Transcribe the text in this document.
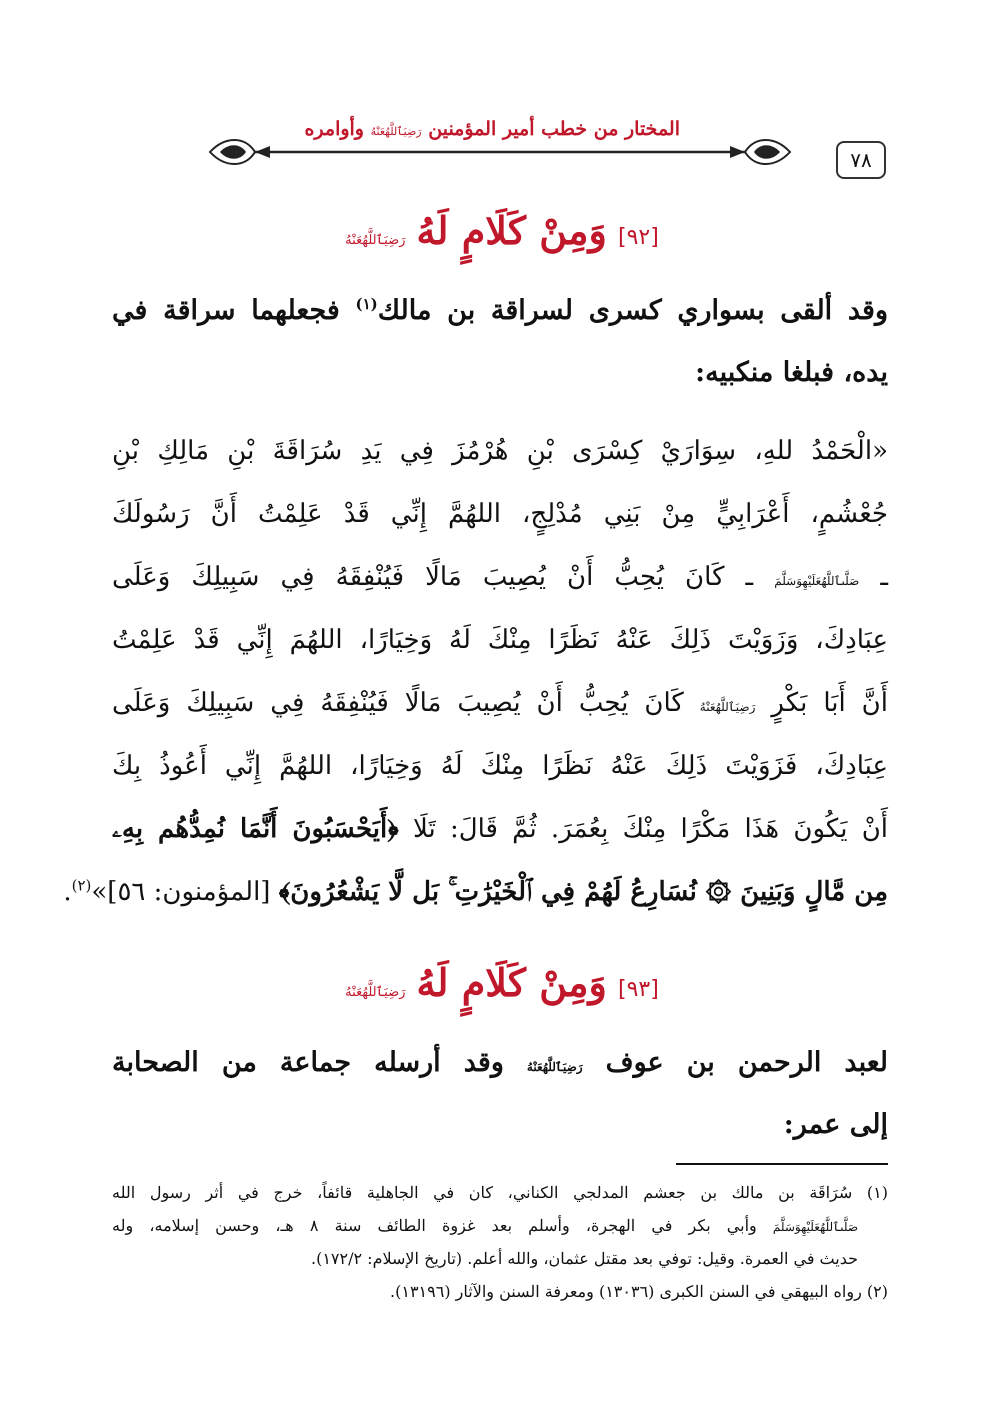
المختار من خطب أمير المؤمنين رَضِيَٱللَّهُعَنْهُ وأوامره
٧٨
[٩٢] وَمِنْ كَلَامٍ لَهُ رَضِيَٱللَّهُعَنْهُ
وقد ألقى بسواري كسرى لسراقة بن مالك$^{(١)}$ فجعلهما سراقة في
يده، فبلغا منكبيه:
«الْحَمْدُ للهِ، سِوَارَيْ كِسْرَى بْنِ هُرْمُزَ فِي يَدِ سُرَاقَةَ بْنِ مَالِكِ بْنِ
جُعْشُمٍ، أَعْرَابِيٍّ مِنْ بَنِي مُدْلِجٍ، اللهُمَّ إِنِّي قَدْ عَلِمْتُ أَنَّ رَسُولَكَ
ـ صَلَّىٱللَّهُعَلَيْهِوَسَلَّمَ ـ كَانَ يُحِبُّ أَنْ يُصِيبَ مَالًا فَيُنْفِقَهُ فِي سَبِيلِكَ وَعَلَى
عِبَادِكَ، وَزَوَيْتَ ذَلِكَ عَنْهُ نَظَرًا مِنْكَ لَهُ وَخِيَارًا، اللهُمَ إِنِّي قَدْ عَلِمْتُ
أَنَّ أَبَا بَكْرٍ رَضِيَٱللَّهُعَنْهُ كَانَ يُحِبُّ أَنْ يُصِيبَ مَالًا فَيُنْفِقَهُ فِي سَبِيلِكَ وَعَلَى
عِبَادِكَ، فَزَوَيْتَ ذَلِكَ عَنْهُ نَظَرًا مِنْكَ لَهُ وَخِيَارًا، اللهُمَّ إِنِّي أَعُوذُ بِكَ
أَنْ يَكُونَ هَذَا مَكْرًا مِنْكَ بِعُمَرَ. ثُمَّ قَالَ: تَلَا ﴿أَيَحْسَبُونَ أَنَّمَا نُمِدُّهُم بِهِۦ
مِن مَّالٍ وَبَنِينَ ۞ نُسَارِعُ لَهُمْ فِي ٱلْخَيْرَٰتِ ۚ بَل لَّا يَشْعُرُونَ﴾ [المؤمنون: ٥٦]»$^{(٢)}$.
[٩٣] وَمِنْ كَلَامٍ لَهُ رَضِيَٱللَّهُعَنْهُ
لعبد الرحمن بن عوف رَضِيَٱللَّهُعَنْهُ وقد أرسله جماعة من الصحابة
إلى عمر:
(١) سُرَاقَة بن مالك بن جعشم المدلجي الكناني، كان في الجاهلية قائفاً، خرج في أثر رسول الله
صَلَّىٱللَّهُعَلَيْهِوَسَلَّمَ وأبي بكر في الهجرة، وأسلم بعد غزوة الطائف سنة ٨ هـ، وحسن إسلامه، وله
حديث في العمرة. وقيل: توفي بعد مقتل عثمان، والله أعلم. (تاريخ الإسلام: ١٧٢/٢).
(٢) رواه البيهقي في السنن الكبرى (١٣٠٣٦) ومعرفة السنن والآثار (١٣١٩٦).
